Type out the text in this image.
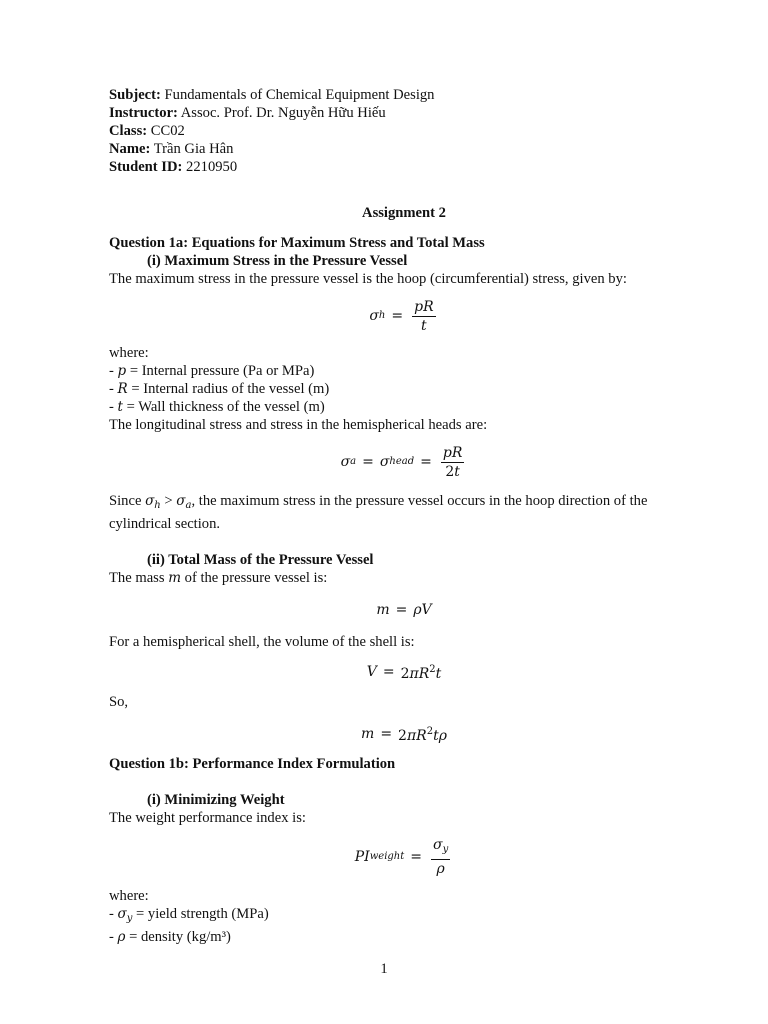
Subject: Fundamentals of Chemical Equipment Design
Instructor: Assoc. Prof. Dr. Nguyễn Hữu Hiếu
Class: CC02
Name: Trần Gia Hân
Student ID: 2210950
Assignment 2
Question 1a: Equations for Maximum Stress and Total Mass
(i) Maximum Stress in the Pressure Vessel
The maximum stress in the pressure vessel is the hoop (circumferential) stress, given by:
σ $h = \frac{pR}{t}$
where:
- p = Internal pressure (Pa or MPa)
- R = Internal radius of the vessel (m)
- t = Wall thickness of the vessel (m)
The longitudinal stress and stress in the hemispherical heads are:
σ a = σ head = $\frac{pR}{2t}$
Since $\sigma_h > \sigma_a$, the maximum stress in the pressure vessel occurs in the hoop direction of the
cylindrical section.
(ii) Total Mass of the Pressure Vessel
The mass m of the pressure vessel is:
m = ρV
For a hemispherical shell, the volume of the shell is:
$V = 2\pi R^2t$
So,
$m = 2\pi R^2t\rho$
Question 1b: Performance Index Formulation
(i) Minimizing Weight
The weight performance index is:
PI weight = $\frac{\sigma_y}{\rho}$
where:
- $\sigma_y$ = yield strength (MPa)
- ρ = density (kg/m³)
1
